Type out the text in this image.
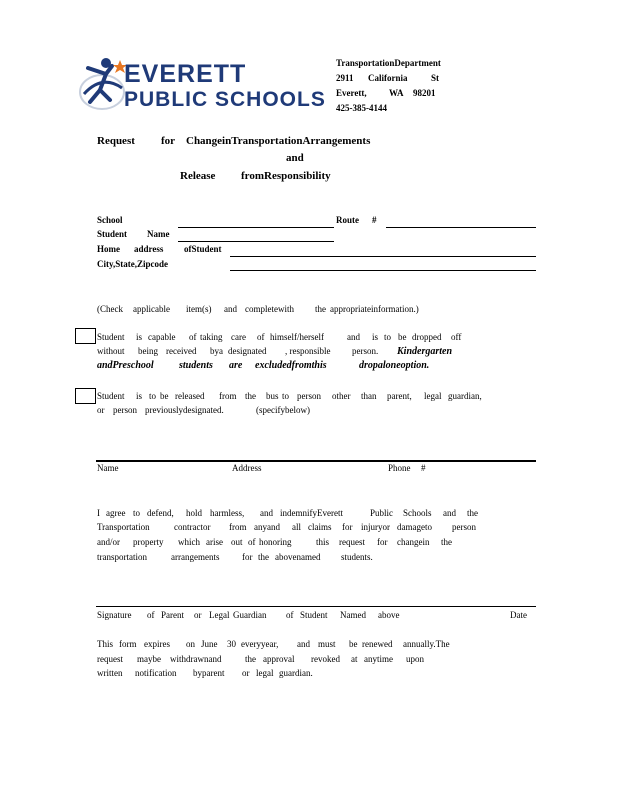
EVERETT
PUBLIC SCHOOLS
TransportationDepartment
2911 California	St
Everett, WA 98201
425-385-4144
Request for ChangeinTransportationArrangements
and
Release fromResponsibility
School	Route #
Student Name
Home address ofStudent
City,State,Zipcode
(Check applicable item(s) and completewith the appropriateinformation.)
Student is capable of taking care of himself/herself	and is to be dropped off
without being received bya designated , responsible person. Kindergarten
andPreschool	students are excludedfromthis	dropaloneoption.
Student is to be released from the bus to person other than parent, legal guardian,
or person previouslydesignated.	(specifybelow)
Name	Address	Phone #
I agree to defend, hold harmless, and indemnifyEverett	Public Schools and the
Transportation	contractor from anyand all claims for injuryor damageto person
and/or property which arise out of honoring	this request for changein the
transportation	arrangements	for the abovenamed students.
Signature of Parent or Legal Guardian of Student Named above	Date
This form expires on June 30 everyyear, and must be renewed annually.The
request maybe withdrawnand	the approval revoked at anytime upon
written notification byparent or legal guardian.
